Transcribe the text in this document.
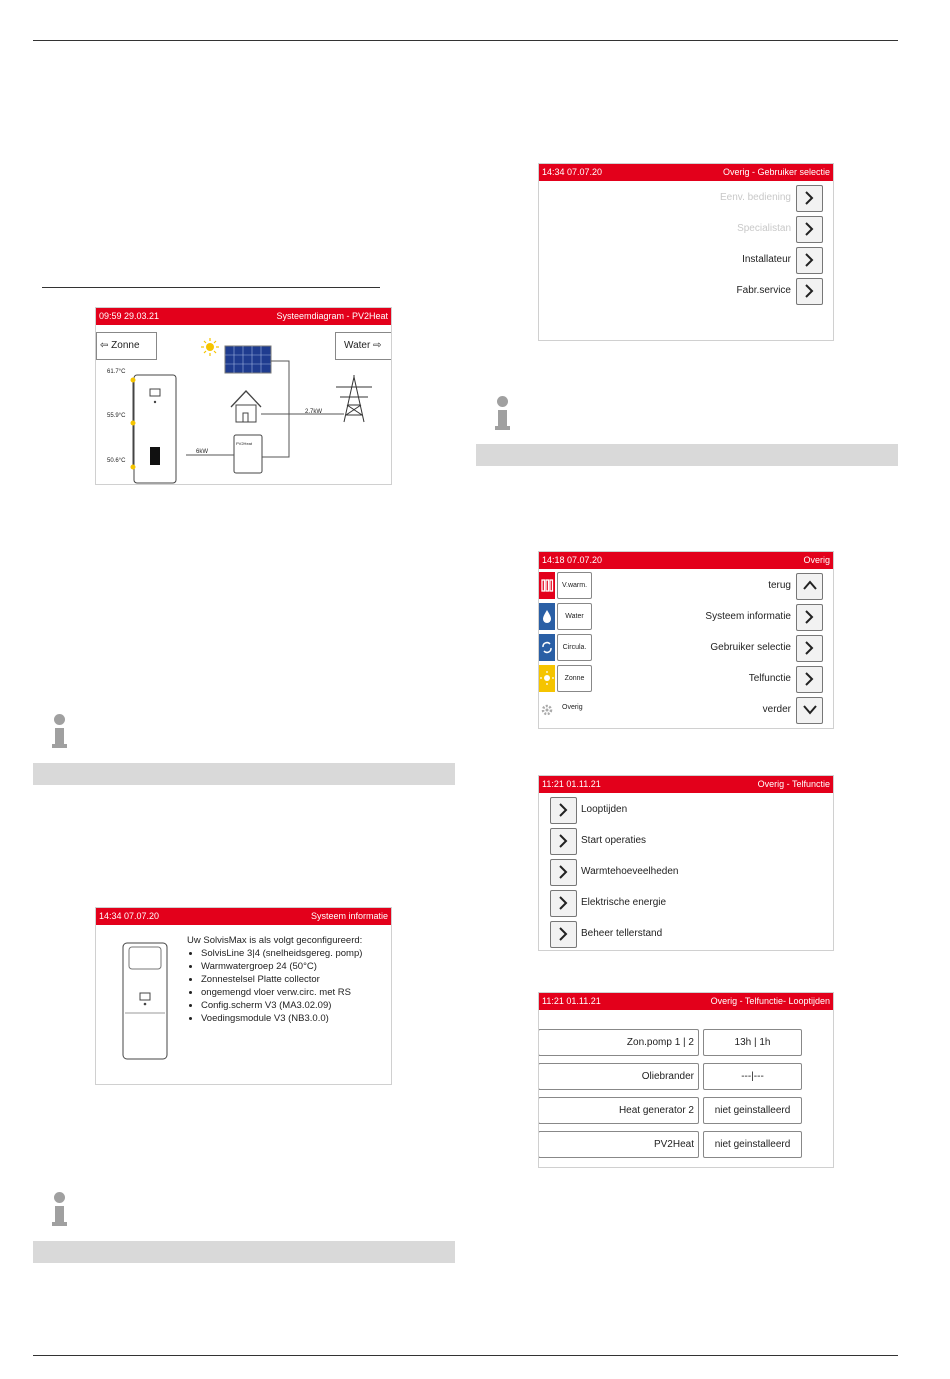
09:59 29.03.21	Systeemdiagram - PV2Heat
⇦ Zonne	Water ⇨
61.7°C
55.9°C
50.6°C
2.7kW
6kW
PV2Heat
14:34 07.07.20	Systeem informatie
Uw SolvisMax is als volgt geconfigureerd:
• SolvisLine 3|4 (snelheidsgereg. pomp)
• Warmwatergroep 24 (50°C)
• Zonnestelsel Platte collector
• ongemengd vloer verw.circ. met RS
• Config.scherm V3 (MA3.02.09)
• Voedingsmodule V3 (NB3.0.0)
14:34 07.07.20	Overig - Gebruiker selectie
Eenv. bediening
Specialistan
Installateur
Fabr.service
14:18 07.07.20	Overig
V.warm.
Water
Circula.
Zonne
Overig
terug
Systeem informatie
Gebruiker selectie
Telfunctie
verder
11:21 01.11.21	Overig - Telfunctie
Looptijden
Start operaties
Warmtehoeveelheden
Elektrische energie
Beheer tellerstand
11:21 01.11.21	Overig - Telfunctie- Looptijden
Zon.pomp 1 | 2	13h | 1h
Oliebrander	---|---
Heat generator 2	niet geinstalleerd
PV2Heat	niet geinstalleerd
